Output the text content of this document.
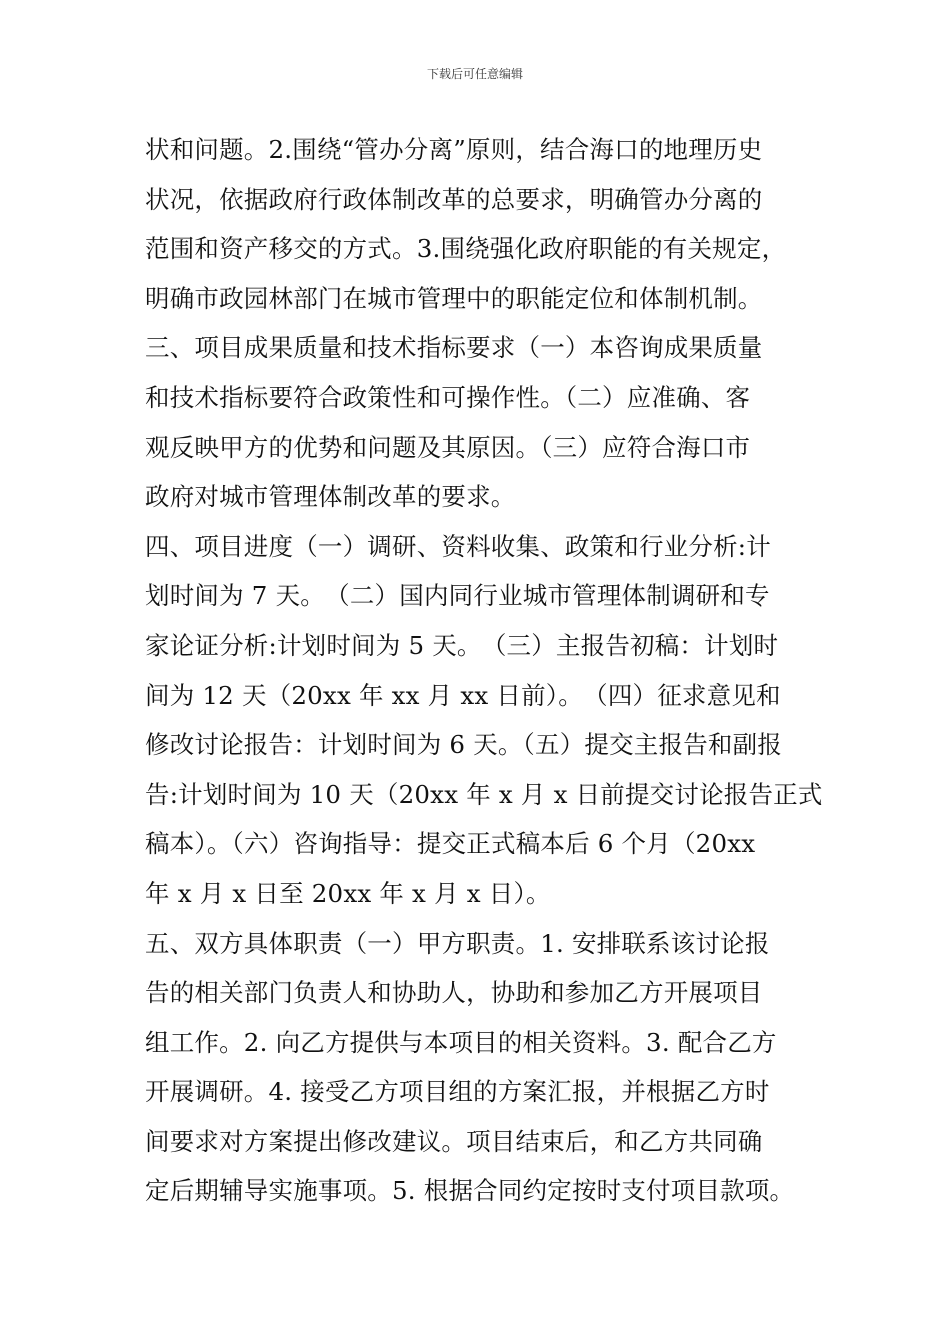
下载后可任意编辑
状和问题。2.围绕“管办分离”原则，结合海口的地理历史
状况，依据政府行政体制改革的总要求，明确管办分离的
范围和资产移交的方式。3.围绕强化政府职能的有关规定，
明确市政园林部门在城市管理中的职能定位和体制机制。
三、项目成果质量和技术指标要求（一）本咨询成果质量
和技术指标要符合政策性和可操作性。（二）应准确、客
观反映甲方的优势和问题及其原因。（三）应符合海口市
政府对城市管理体制改革的要求。
四、项目进度（一）调研、资料收集、政策和行业分析:计
划时间为 7 天。　（二）国内同行业城市管理体制调研和专
家论证分析:计划时间为 5 天。　（三）主报告初稿：计划时
间为 12 天（20xx 年 xx 月 xx 日前）。　（四）征求意见和
修改讨论报告：计划时间为 6 天。（五）提交主报告和副报
告:计划时间为 10 天（20xx 年 x 月 x 日前提交讨论报告正式
稿本）。（六）咨询指导：提交正式稿本后 6 个月（20xx
年 x 月 x 日至 20xx 年 x 月 x 日）。
五、双方具体职责（一）甲方职责。1. 安排联系该讨论报
告的相关部门负责人和协助人，协助和参加乙方开展项目
组工作。2. 向乙方提供与本项目的相关资料。3. 配合乙方
开展调研。4. 接受乙方项目组的方案汇报，并根据乙方时
间要求对方案提出修改建议。项目结束后，和乙方共同确
定后期辅导实施事项。5. 根据合同约定按时支付项目款项。
